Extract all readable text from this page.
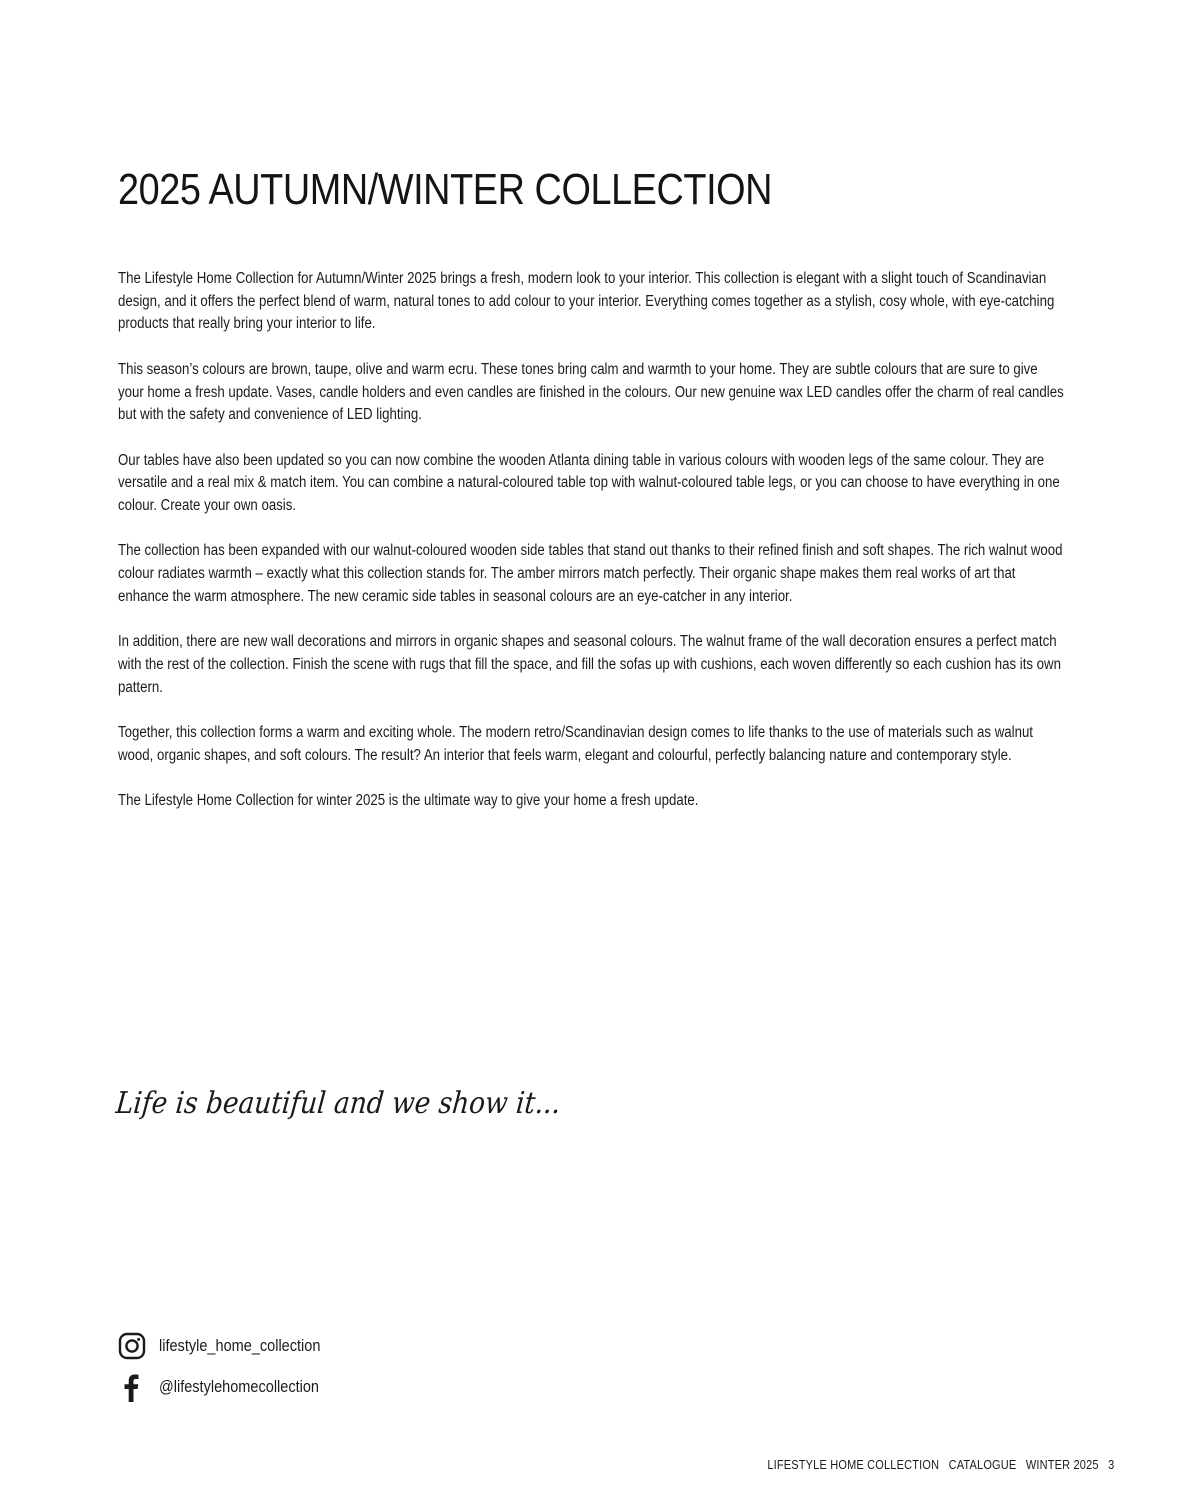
2025 AUTUMN/WINTER COLLECTION

The Lifestyle Home Collection for Autumn/Winter 2025 brings a fresh, modern look to your interior. This collection is elegant with a slight touch of Scandinavian design, and it offers the perfect blend of warm, natural tones to add colour to your interior. Everything comes together as a stylish, cosy whole, with eye-catching products that really bring your interior to life.

This season’s colours are brown, taupe, olive and warm ecru. These tones bring calm and warmth to your home. They are subtle colours that are sure to give your home a fresh update. Vases, candle holders and even candles are finished in the colours. Our new genuine wax LED candles offer the charm of real candles but with the safety and convenience of LED lighting.

Our tables have also been updated so you can now combine the wooden Atlanta dining table in various colours with wooden legs of the same colour. They are versatile and a real mix & match item. You can combine a natural-coloured table top with walnut-coloured table legs, or you can choose to have everything in one colour. Create your own oasis.

The collection has been expanded with our walnut-coloured wooden side tables that stand out thanks to their refined finish and soft shapes. The rich walnut wood colour radiates warmth – exactly what this collection stands for. The amber mirrors match perfectly. Their organic shape makes them real works of art that enhance the warm atmosphere. The new ceramic side tables in seasonal colours are an eye-catcher in any interior.

In addition, there are new wall decorations and mirrors in organic shapes and seasonal colours. The walnut frame of the wall decoration ensures a perfect match with the rest of the collection. Finish the scene with rugs that fill the space, and fill the sofas up with cushions, each woven differently so each cushion has its own pattern.

Together, this collection forms a warm and exciting whole. The modern retro/Scandinavian design comes to life thanks to the use of materials such as walnut wood, organic shapes, and soft colours. The result? An interior that feels warm, elegant and colourful, perfectly balancing nature and contemporary style.

The Lifestyle Home Collection for winter 2025 is the ultimate way to give your home a fresh update.

Life is beautiful and we show it...
lifestyle_home_collection
@lifestylehomecollection
LIFESTYLE HOME COLLECTION CATALOGUE WINTER 2025 3
